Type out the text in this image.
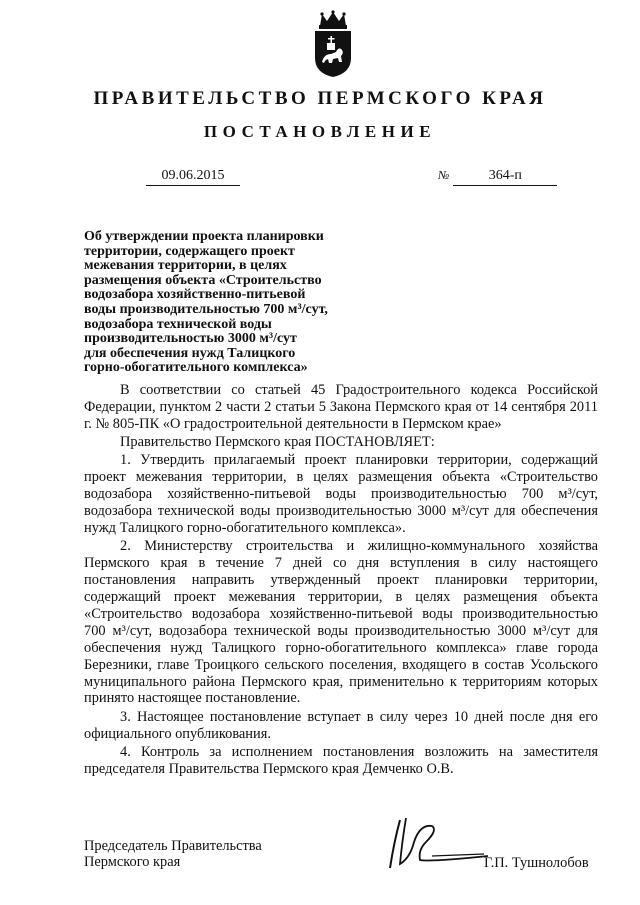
ПРАВИТЕЛЬСТВО ПЕРМСКОГО КРАЯ
ПОСТАНОВЛЕНИЕ
09.06.2015	№	364-п
Об утверждении проекта планировки
территории, содержащего проект
межевания территории, в целях
размещения объекта «Строительство
водозабора хозяйственно-питьевой
воды производительностью 700 м³/сут,
водозабора технической воды
производительностью 3000 м³/сут
для обеспечения нужд Талицкого
горно-обогатительного комплекса»

В соответствии со статьей 45 Градостроительного кодекса Российской Федерации, пунктом 2 части 2 статьи 5 Закона Пермского края от 14 сентября 2011 г. № 805-ПК «О градостроительной деятельности в Пермском крае»

Правительство Пермского края ПОСТАНОВЛЯЕТ:

1. Утвердить прилагаемый проект планировки территории, содержащий проект межевания территории, в целях размещения объекта «Строительство водозабора хозяйственно-питьевой воды производительностью 700 м³/сут, водозабора технической воды производительностью 3000 м³/сут для обеспечения нужд Талицкого горно-обогатительного комплекса».

2. Министерству строительства и жилищно-коммунального хозяйства Пермского края в течение 7 дней со дня вступления в силу настоящего постановления направить утвержденный проект планировки территории, содержащий проект межевания территории, в целях размещения объекта «Строительство водозабора хозяйственно-питьевой воды производительностью 700 м³/сут, водозабора технической воды производительностью 3000 м³/сут для обеспечения нужд Талицкого горно-обогатительного комплекса» главе города Березники, главе Троицкого сельского поселения, входящего в состав Усольского муниципального района Пермского края, применительно к территориям которых принято настоящее постановление.

3. Настоящее постановление вступает в силу через 10 дней после дня его официального опубликования.

4. Контроль за исполнением постановления возложить на заместителя председателя Правительства Пермского края Демченко О.В.

Председатель Правительства
Пермского края	Г.П. Тушнолобов
